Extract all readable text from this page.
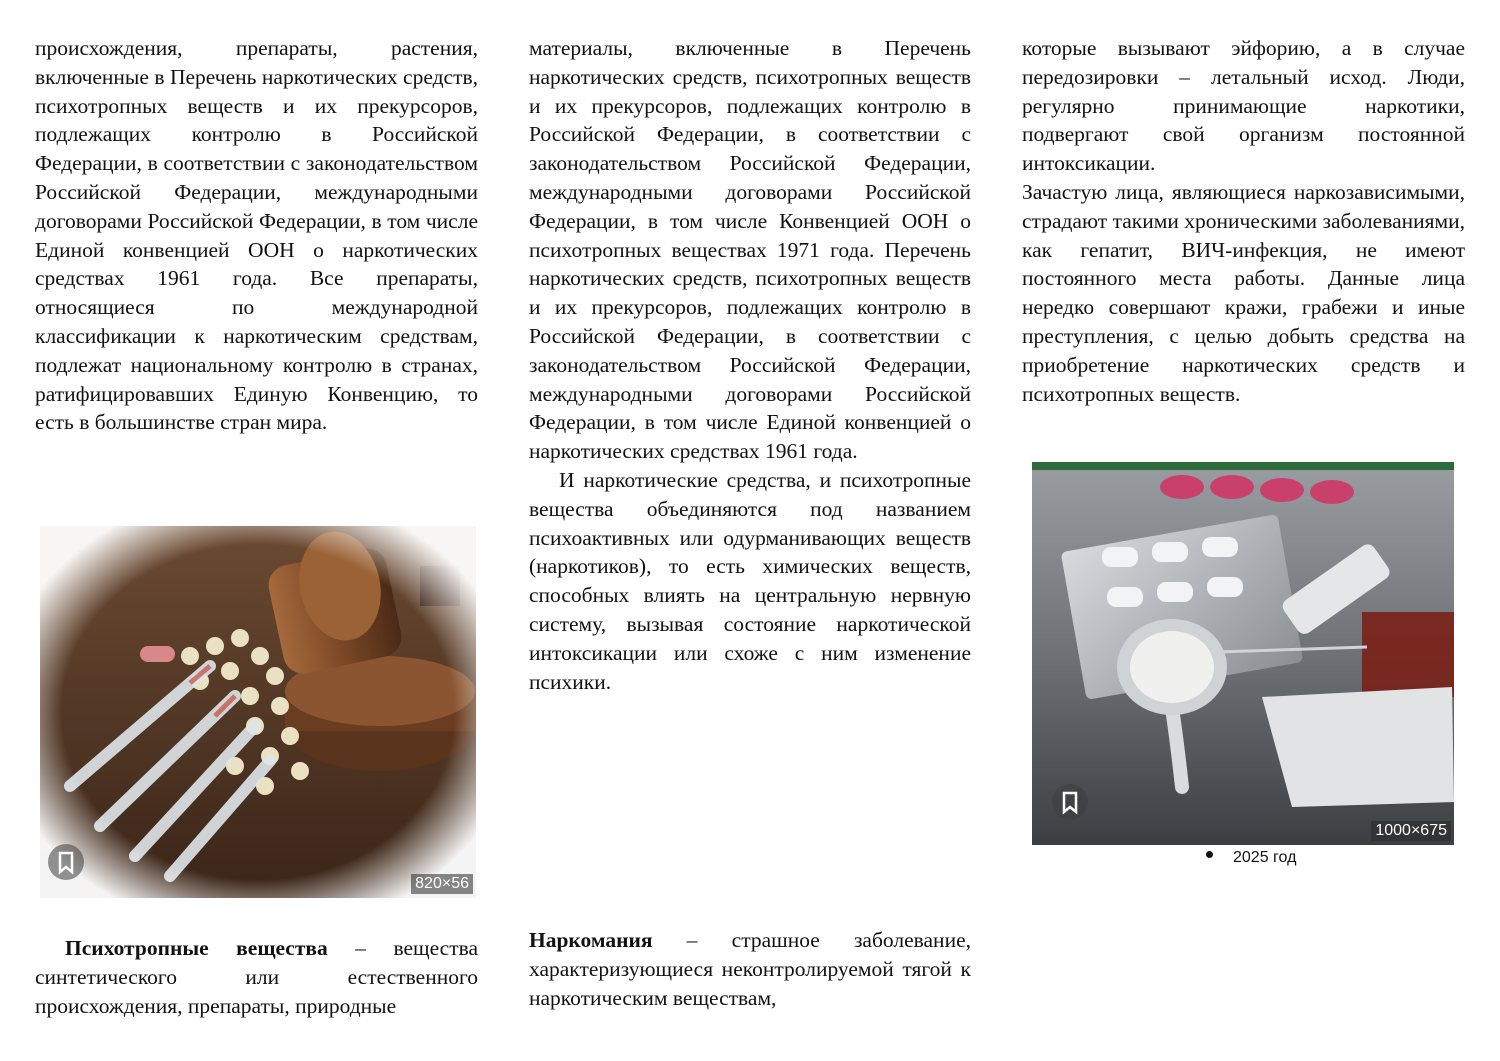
происхождения, препараты, растения, включенные в Перечень наркотических средств, психотропных веществ и их прекурсоров, подлежащих контролю в Российской Федерации, в соответствии с законодательством Российской Федерации, международными договорами Российской Федерации, в том числе Единой конвенцией ООН о наркотических средствах 1961 года. Все препараты, относящиеся по международной классификации к наркотическим средствам, подлежат национальному контролю в странах, ратифицировавших Единую Конвенцию, то есть в большинстве стран мира.

820×56

Психотропные вещества – вещества синтетического или естественного происхождения, препараты, природные

материалы, включенные в Перечень наркотических средств, психотропных веществ и их прекурсоров, подлежащих контролю в Российской Федерации, в соответствии с законодательством Российской Федерации, международными договорами Российской Федерации, в том числе Конвенцией ООН о психотропных веществах 1971 года. Перечень наркотических средств, психотропных веществ и их прекурсоров, подлежащих контролю в Российской Федерации, в соответствии с законодательством Российской Федерации, международными договорами Российской Федерации, в том числе Единой конвенцией о наркотических средствах 1961 года.

И наркотические средства, и психотропные вещества объединяются под названием психоактивных или одурманивающих веществ (наркотиков), то есть химических веществ, способных влиять на центральную нервную систему, вызывая состояние наркотической интоксикации или схоже с ним изменение психики.

Наркомания – страшное заболевание, характеризующиеся неконтролируемой тягой к наркотическим веществам,

которые вызывают эйфорию, а в случае передозировки – летальный исход. Люди, регулярно принимающие наркотики, подвергают свой организм постоянной интоксикации.

Зачастую лица, являющиеся наркозависимыми, страдают такими хроническими заболеваниями, как гепатит, ВИЧ-инфекция, не имеют постоянного места работы. Данные лица нередко совершают кражи, грабежи и иные преступления, с целью добыть средства на приобретение наркотических средств и психотропных веществ.

1000×675
2025 год
